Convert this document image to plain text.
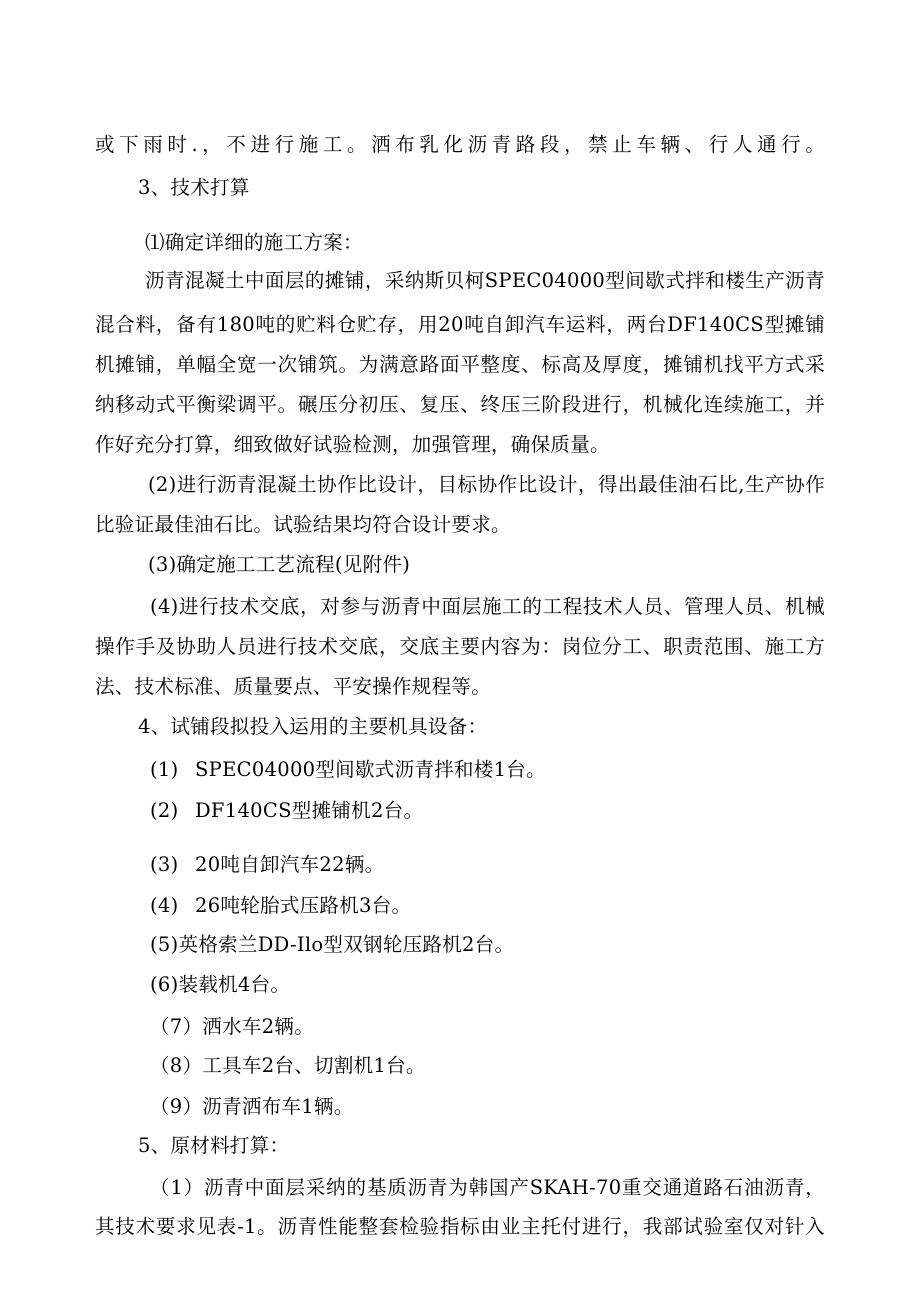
或下雨时.，不进行施工。洒布乳化沥青路段，禁止车辆、行人通行。
3、技术打算
⑴确定详细的施工方案：
沥青混凝土中面层的摊铺，采纳斯贝柯SPEC04000型间歇式拌和楼生产沥青
混合料，备有180吨的贮料仓贮存，用20吨自卸汽车运料，两台DF140CS型摊铺
机摊铺，单幅全宽一次铺筑。为满意路面平整度、标高及厚度，摊铺机找平方式采
纳移动式平衡梁调平。碾压分初压、复压、终压三阶段进行，机械化连续施工，并
作好充分打算，细致做好试验检测，加强管理，确保质量。
(2)进行沥青混凝土协作比设计，目标协作比设计，得出最佳油石比,生产协作
比验证最佳油石比。试验结果均符合设计要求。
(3)确定施工工艺流程(见附件)
(4)进行技术交底，对参与沥青中面层施工的工程技术人员、管理人员、机械
操作手及协助人员进行技术交底，交底主要内容为：岗位分工、职责范围、施工方
法、技术标准、质量要点、平安操作规程等。
4、试铺段拟投入运用的主要机具设备：
(1) SPEC04000型间歇式沥青拌和楼1台。
(2) DF140CS型摊铺机2台。
(3) 20吨自卸汽车22辆。
(4) 26吨轮胎式压路机3台。
(5)英格索兰DD-Ilo型双钢轮压路机2台。
(6)装载机4台。
（7）洒水车2辆。
（8）工具车2台、切割机1台。
（9）沥青洒布车1辆。
5、原材料打算：
（1）沥青中面层采纳的基质沥青为韩国产SKAH-70重交通道路石油沥青，
其技术要求见表-1。沥青性能整套检验指标由业主托付进行，我部试验室仅对针入
